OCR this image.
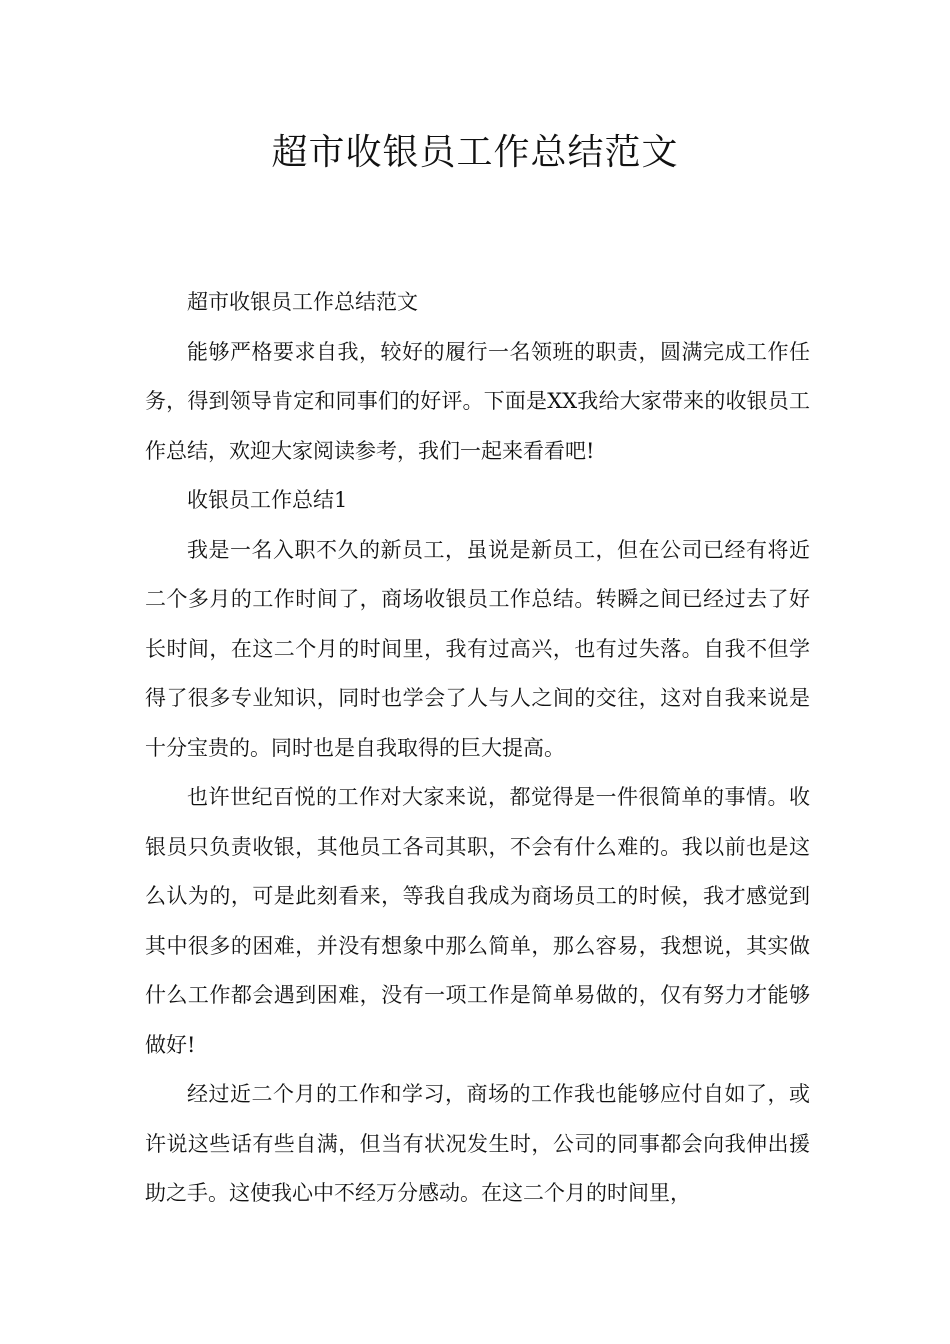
超市收银员工作总结范文

超市收银员工作总结范文

能够严格要求自我，较好的履行一名领班的职责，圆满完成工作任务，得到领导肯定和同事们的好评。下面是XX我给大家带来的收银员工作总结，欢迎大家阅读参考，我们一起来看看吧!

收银员工作总结1

我是一名入职不久的新员工，虽说是新员工，但在公司已经有将近二个多月的工作时间了，商场收银员工作总结。转瞬之间已经过去了好长时间，在这二个月的时间里，我有过高兴，也有过失落。自我不但学得了很多专业知识，同时也学会了人与人之间的交往，这对自我来说是十分宝贵的。同时也是自我取得的巨大提高。

也许世纪百悦的工作对大家来说，都觉得是一件很简单的事情。收银员只负责收银，其他员工各司其职，不会有什么难的。我以前也是这么认为的，可是此刻看来，等我自我成为商场员工的时候，我才感觉到其中很多的困难，并没有想象中那么简单，那么容易，我想说，其实做什么工作都会遇到困难，没有一项工作是简单易做的，仅有努力才能够做好!

经过近二个月的工作和学习，商场的工作我也能够应付自如了，或许说这些话有些自满，但当有状况发生时，公司的同事都会向我伸出援助之手。这使我心中不经万分感动。在这二个月的时间里，
